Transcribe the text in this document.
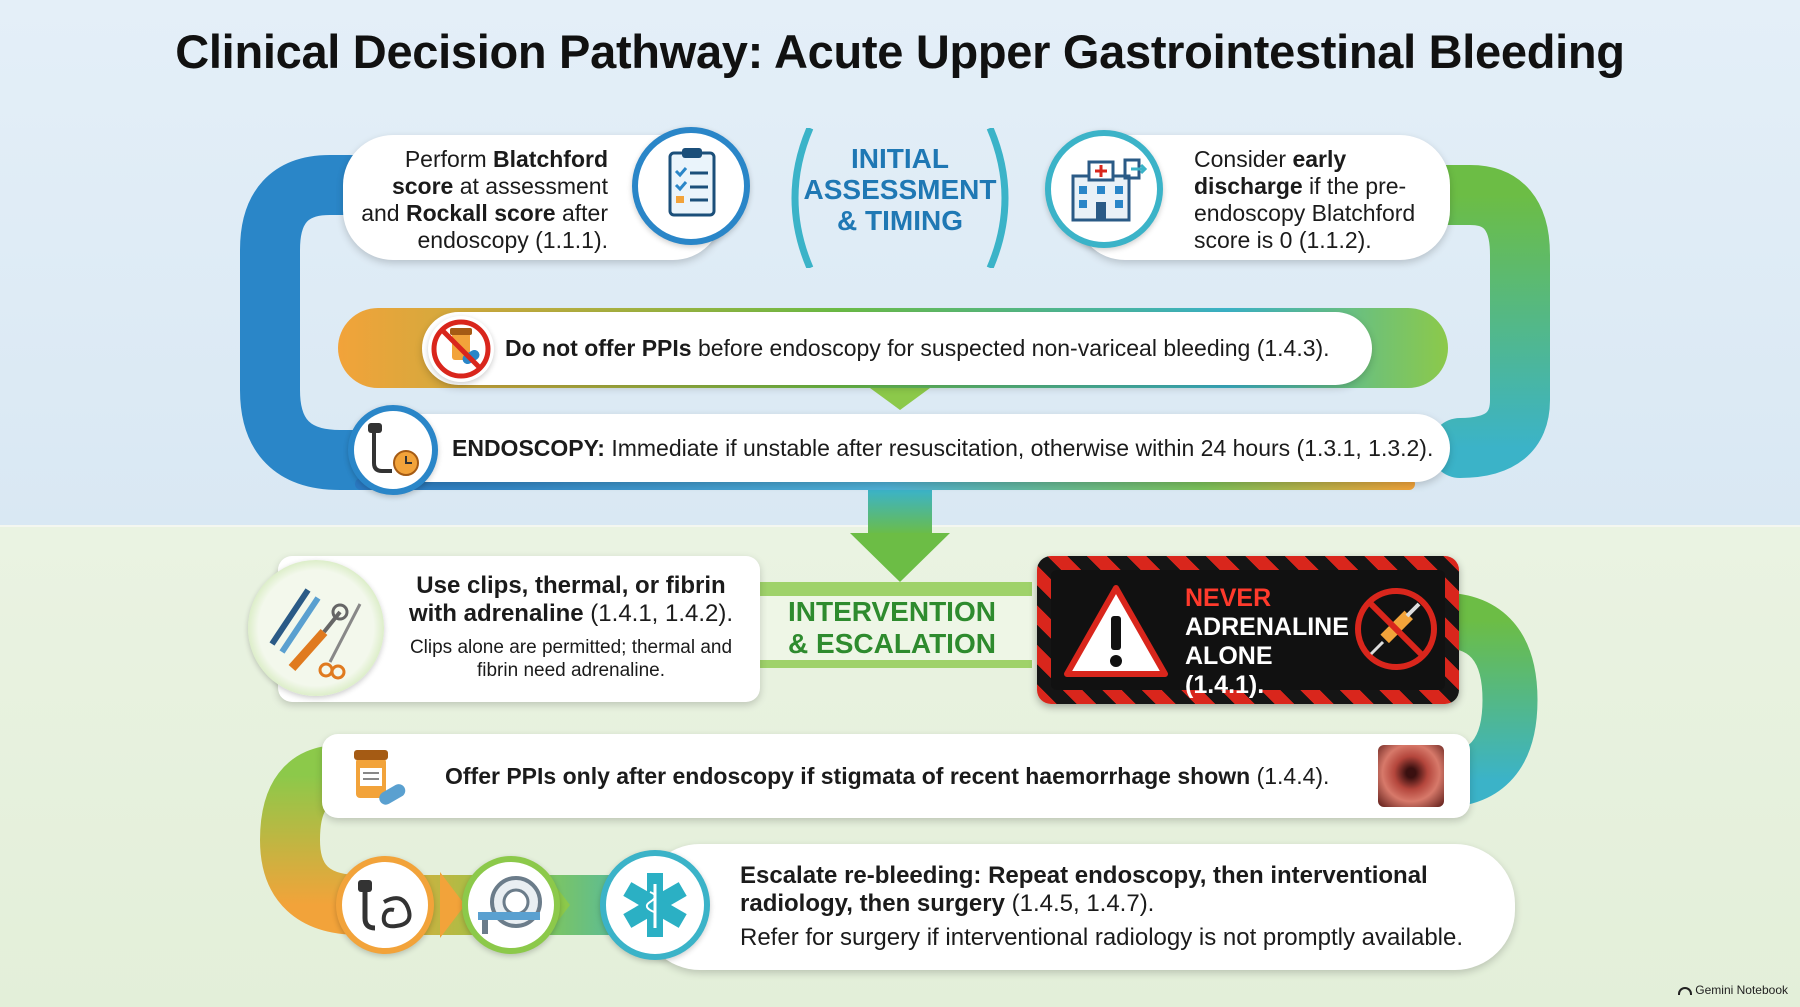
Clinical Decision Pathway: Acute Upper Gastrointestinal Bleeding
INITIAL
ASSESSMENT
& TIMING
Perform Blatchford
score at assessment
and Rockall score after
endoscopy (1.1.1).
Consider early
discharge if the pre-
endoscopy Blatchford
score is 0 (1.1.2).
Do not offer PPIs before endoscopy for suspected non-variceal bleeding (1.4.3).
ENDOSCOPY: Immediate if unstable after resuscitation, otherwise within 24 hours (1.3.1, 1.3.2).
INTERVENTION
& ESCALATION
Use clips, thermal, or fibrin
with adrenaline (1.4.1, 1.4.2).
Clips alone are permitted; thermal and
fibrin need adrenaline.
NEVER
ADRENALINE
ALONE (1.4.1).
Offer PPIs only after endoscopy if stigmata of recent haemorrhage shown (1.4.4).
Escalate re-bleeding: Repeat endoscopy, then interventional
radiology, then surgery (1.4.5, 1.4.7).
Refer for surgery if interventional radiology is not promptly available.
Gemini Notebook
